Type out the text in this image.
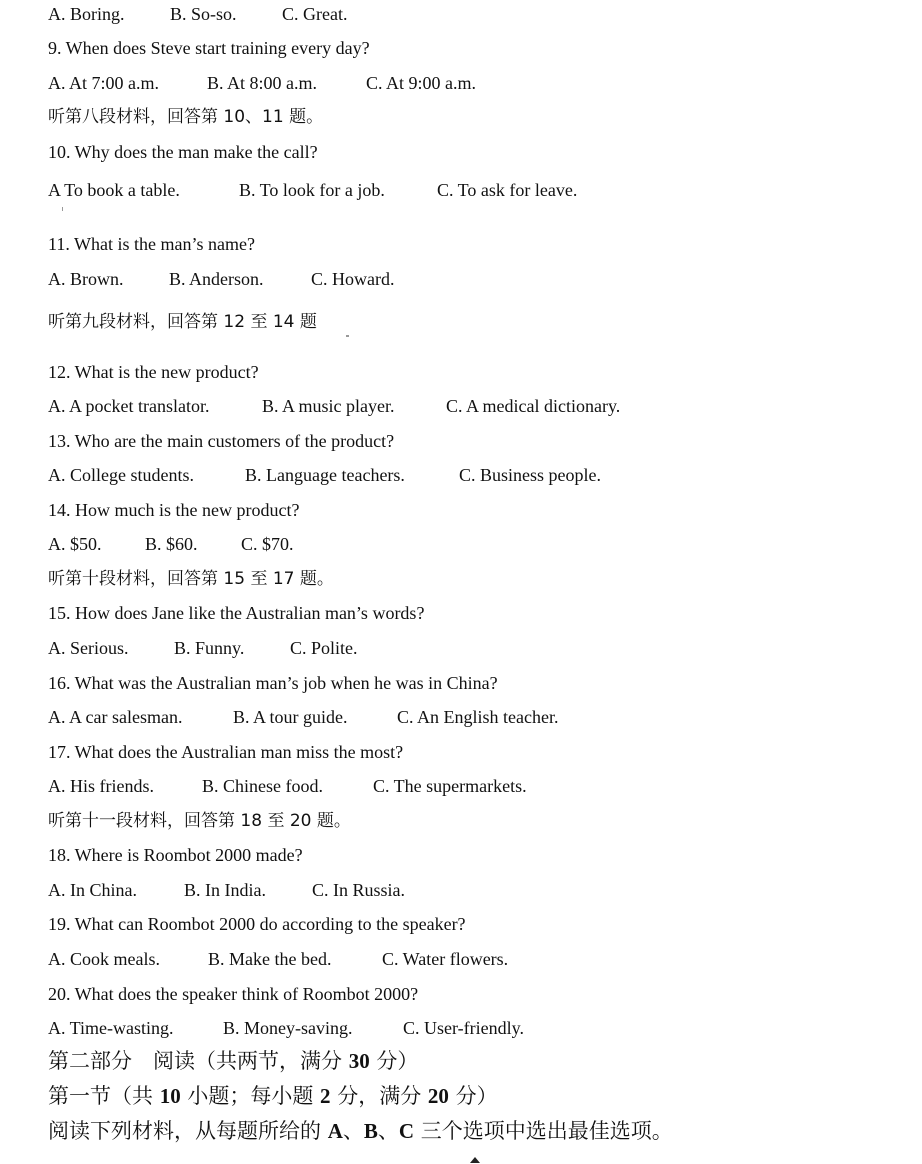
A. Boring.	B. So-so.	C. Great.
9. When does Steve start training every day?
A. At 7:00 a.m.	B. At 8:00 a.m.	C. At 9:00 a.m.
听第八段材料，回答第 10、11 题。
10. Why does the man make the call?
A To book a table.	B. To look for a job.	C. To ask for leave.
11. What is the man’s name?
A. Brown.	B. Anderson.	C. Howard.
听第九段材料，回答第 12 至 14 题
12. What is the new product?
A. A pocket translator.	B. A music player.	C. A medical dictionary.
13. Who are the main customers of the product?
A. College students.	B. Language teachers.	C. Business people.
14. How much is the new product?
A. $50. B. $60. C. $70.
听第十段材料，回答第 15 至 17 题。
15. How does Jane like the Australian man’s words?
A. Serious.	B. Funny.	C. Polite.
16. What was the Australian man’s job when he was in China?
A. A car salesman.	B. A tour guide.	C. An English teacher.
17. What does the Australian man miss the most?
A. His friends.	B. Chinese food.	C. The supermarkets.
听第十一段材料，回答第 18 至 20 题。
18. Where is Roombot 2000 made?
A. In China.	B. In India.	C. In Russia.
19. What can Roombot 2000 do according to the speaker?
A. Cook meals.	B. Make the bed.	C. Water flowers.
20. What does the speaker think of Roombot 2000?
A. Time-wasting.	B. Money-saving.	C. User-friendly.
第二部分　阅读（共两节，满分 30 分）
第一节（共 10 小题；每小题 2 分，满分 20 分）
阅读下列材料，从每题所给的 A、B、C 三个选项中选出最佳选项。
